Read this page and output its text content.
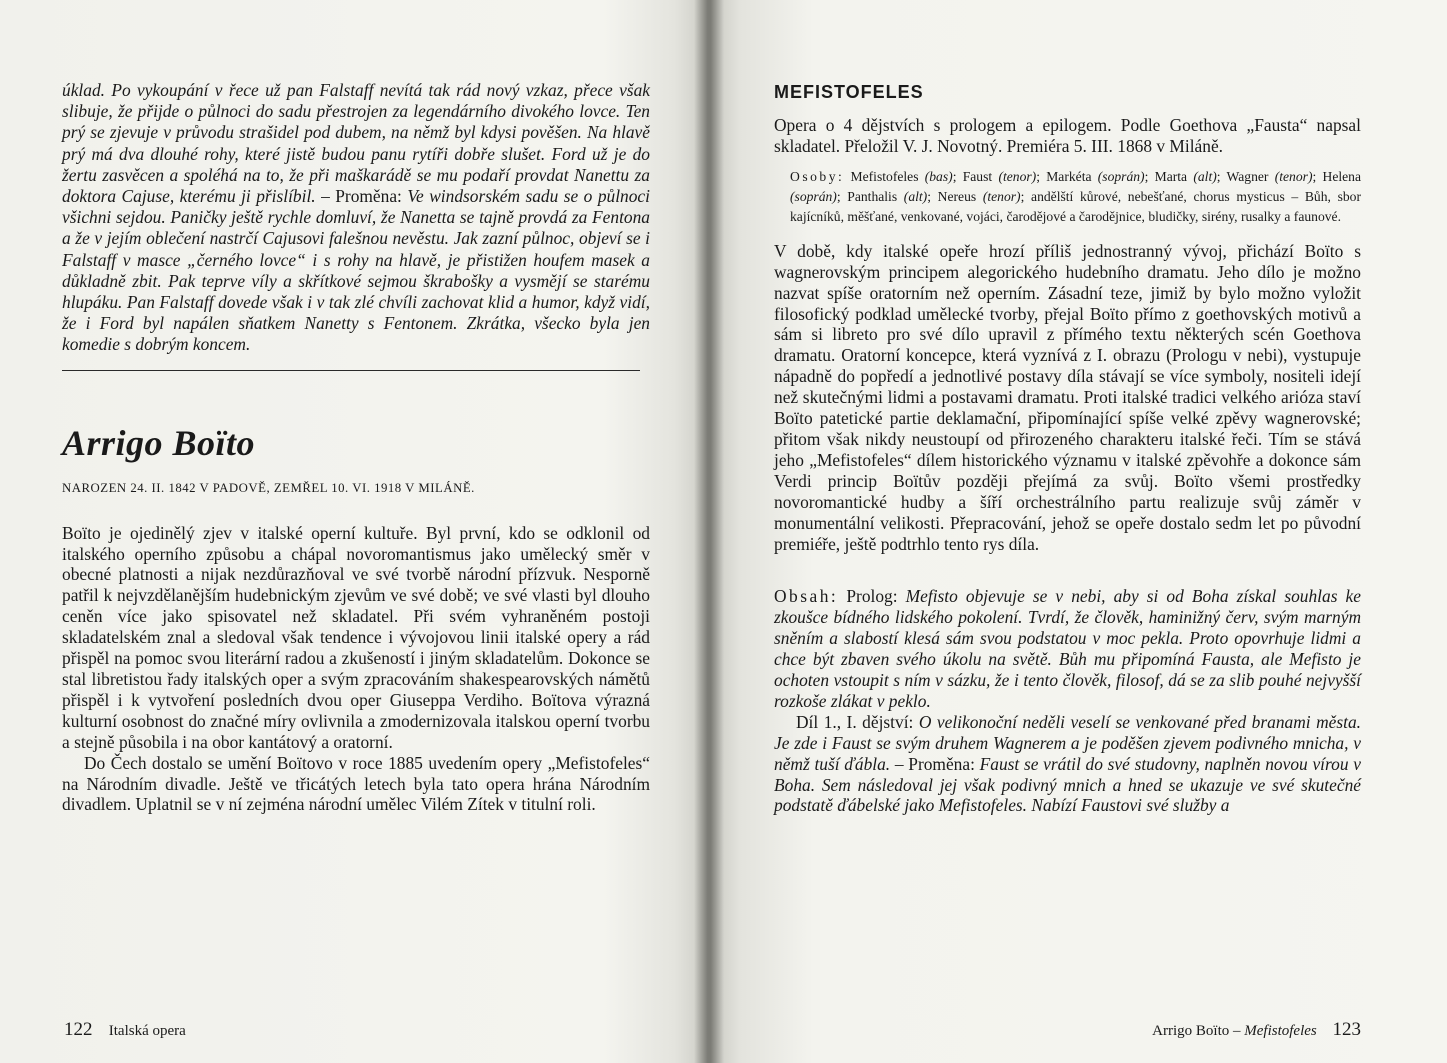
úklad. Po vykoupání v řece už pan Falstaff nevítá tak rád nový vzkaz, přece však slibuje, že přijde o půlnoci do sadu přestrojen za legendárního divokého lovce. Ten prý se zjevuje v průvodu strašidel pod dubem, na němž byl kdysi pověšen. Na hlavě prý má dva dlouhé rohy, které jistě budou panu rytíři dobře slušet. Ford už je do žertu zasvěcen a spoléhá na to, že při maškarádě se mu podaří provdat Nanettu za doktora Cajuse, kterému ji přislíbil. – Proměna: Ve windsorském sadu se o půlnoci všichni sejdou. Paničky ještě rychle domluví, že Nanetta se tajně provdá za Fentona a že v jejím oblečení nastrčí Cajusovi falešnou nevěstu. Jak zazní půlnoc, objeví se i Falstaff v masce „černého lovce“ i s rohy na hlavě, je přistižen houfem masek a důkladně zbit. Pak teprve víly a skřítkové sejmou škrabošky a vysmějí se starému hlupáku. Pan Falstaff dovede však i v tak zlé chvíli zachovat klid a humor, když vidí, že i Ford byl napálen sňatkem Nanetty s Fentonem. Zkrátka, všecko byla jen komedie s dobrým koncem.
Arrigo Boïto
NAROZEN 24. II. 1842 V PADOVĚ, ZEMŘEL 10. VI. 1918 V MILÁNĚ.

Boïto je ojedinělý zjev v italské operní kultuře. Byl první, kdo se odklonil od italského operního způsobu a chápal novoromantismus jako umělecký směr v obecné platnosti a nijak nezdůrazňoval ve své tvorbě národní přízvuk. Nesporně patřil k nejvzdělanějším hudebnickým zjevům ve své době; ve své vlasti byl dlouho ceněn více jako spisovatel než skladatel. Při svém vyhraněném postoji skladatelském znal a sledoval však tendence i vývojovou linii italské opery a rád přispěl na pomoc svou literární radou a zkušeností i jiným skladatelům. Dokonce se stal libretistou řady italských oper a svým zpracováním shakespearovských námětů přispěl i k vytvoření posledních dvou oper Giuseppa Verdiho. Boïtova výrazná kulturní osobnost do značné míry ovlivnila a zmodernizovala italskou operní tvorbu a stejně působila i na obor kantátový a oratorní.

Do Čech dostalo se umění Boïtovo v roce 1885 uvedením opery „Mefistofeles“ na Národním divadle. Ještě ve třicátých letech byla tato opera hrána Národním divadlem. Uplatnil se v ní zejména národní umělec Vilém Zítek v titulní roli.

122 Italská opera
MEFISTOFELES

Opera o 4 dějstvích s prologem a epilogem. Podle Goethova „Fausta“ napsal skladatel. Přeložil V. J. Novotný. Premiéra 5. III. 1868 v Miláně.

Osoby: Mefistofeles (bas); Faust (tenor); Markéta (soprán); Marta (alt); Wagner (tenor); Helena (soprán); Panthalis (alt); Nereus (tenor); andělští kůrové, nebešťané, chorus mysticus – Bůh, sbor kajícníků, měšťané, venkované, vojáci, čarodějové a čarodějnice, bludičky, sirény, rusalky a faunové.

V době, kdy italské opeře hrozí příliš jednostranný vývoj, přichází Boïto s wagnerovským principem alegorického hudebního dramatu. Jeho dílo je možno nazvat spíše oratorním než operním. Zásadní teze, jimiž by bylo možno vyložit filosofický podklad umělecké tvorby, přejal Boïto přímo z goethovských motivů a sám si libreto pro své dílo upravil z přímého textu některých scén Goethova dramatu. Oratorní koncepce, která vyznívá z I. obrazu (Prologu v nebi), vystupuje nápadně do popředí a jednotlivé postavy díla stávají se více symboly, nositeli idejí než skutečnými lidmi a postavami dramatu. Proti italské tradici velkého arióza staví Boïto patetické partie deklamační, připomínající spíše velké zpěvy wagnerovské; přitom však nikdy neustoupí od přirozeného charakteru italské řeči. Tím se stává jeho „Mefistofeles“ dílem historického významu v italské zpěvohře a dokonce sám Verdi princip Boïtův později přejímá za svůj. Boïto všemi prostředky novoromantické hudby a šíří orchestrálního partu realizuje svůj záměr v monumentální velikosti. Přepracování, jehož se opeře dostalo sedm let po původní premiéře, ještě podtrhlo tento rys díla.

Obsah: Prolog: Mefisto objevuje se v nebi, aby si od Boha získal souhlas ke zkoušce bídného lidského pokolení. Tvrdí, že člověk, haminižný červ, svým marným sněním a slabostí klesá sám svou podstatou v moc pekla. Proto opovrhuje lidmi a chce být zbaven svého úkolu na světě. Bůh mu připomíná Fausta, ale Mefisto je ochoten vstoupit s ním v sázku, že i tento člověk, filosof, dá se za slib pouhé nejvyšší rozkoše zlákat v peklo.

Díl 1., I. dějství: O velikonoční neděli veselí se venkované před branami města. Je zde i Faust se svým druhem Wagnerem a je poděšen zjevem podivného mnicha, v němž tuší ďábla. – Proměna: Faust se vrátil do své studovny, naplněn novou vírou v Boha. Sem následoval jej však podivný mnich a hned se ukazuje ve své skutečné podstatě ďábelské jako Mefistofeles. Nabízí Faustovi své služby a

Arrigo Boïto – Mefistofeles 123
